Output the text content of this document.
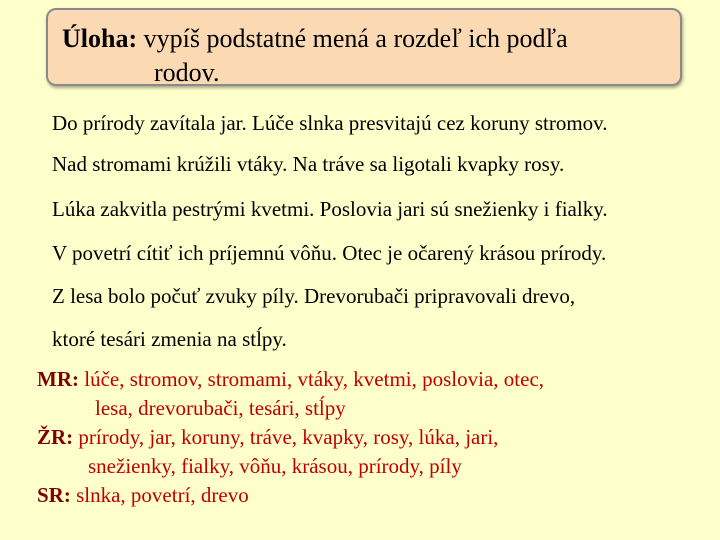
Úloha: vypíš podstatné mená a rozdeľ ich podľa
rodov.
Do prírody zavítala jar. Lúče slnka presvitajú cez koruny stromov.
Nad stromami krúžili vtáky. Na tráve sa ligotali kvapky rosy.
Lúka zakvitla pestrými kvetmi. Poslovia jari sú snežienky i fialky.
V povetrí cítiť ich príjemnú vôňu. Otec je očarený krásou prírody.
Z lesa bolo počuť zvuky píly. Drevorubači pripravovali drevo,
ktoré tesári zmenia na stĺpy.
MR: lúče, stromov, stromami, vtáky, kvetmi, poslovia, otec,
lesa, drevorubači, tesári, stĺpy
ŽR: prírody, jar, koruny, tráve, kvapky, rosy, lúka, jari,
snežienky, fialky, vôňu, krásou, prírody, píly
SR: slnka, povetrí, drevo
